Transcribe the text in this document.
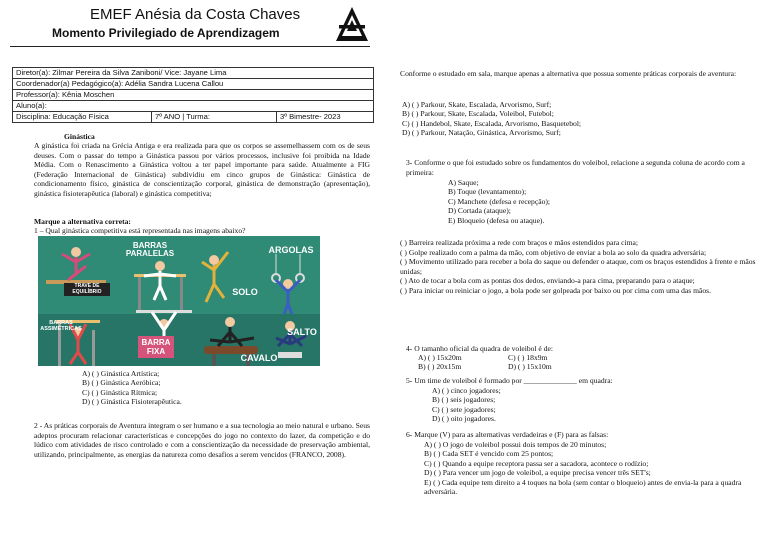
EMEF Anésia da Costa Chaves
Momento Privilegiado de Aprendizagem
Diretor(a): Zilmar Pereira da Silva Zaniboni/ Vice: Jayane Lima
Coordenador(a) Pedagógico(a): Adélia Sandra Lucena Callou
Professor(a): Kênia Moschen
Aluno(a):
Disciplina: Educação Física	7º ANO | Turma:	3º Bimestre- 2023
Ginástica
A ginástica foi criada na Grécia Antiga e era realizada para que os corpos se assemelhassem com os de seus deuses. Com o passar do tempo a Ginástica passou por vários processos, inclusive foi proibida na Idade Média. Com o Renascimento a Ginástica voltou a ter papel importante para saúde. Atualmente a FIG (Federação Internacional de Ginástica) subdividiu em cinco grupos de Ginástica: Ginástica de condicionamento físico, ginástica de conscientização corporal, ginástica de demonstração (apresentação), ginástica fisioterapêutica (laboral) e ginástica competitiva;
Marque a alternativa correta:
1 – Qual ginástica competitiva está representada nas imagens abaixo?
BARRAS PARALELAS	ARGOLAS
TRAVE DE EQUILÍBRIO	SOLO
BARRAS ASSIMÉTRICAS
BARRA FIXA
SALTO
CAVALO
A) ( ) Ginástica Artística;
B) ( ) Ginástica Aeróbica;
C) ( ) Ginástica Rítmica;
D) ( ) Ginástica Fisioterapêutica.
2 - As práticas corporais de Aventura integram o ser humano e a sua tecnologia ao meio natural e urbano. Seus adeptos procuram relacionar características e concepções do jogo no contexto do lazer, da competição e do lúdico com atividades de risco controlado e com a conscientização da necessidade de preservação ambiental, utilizando, principalmente, as energias da natureza como desafios a serem vencidos (FRANCO, 2008).
Conforme o estudado em sala, marque apenas a alternativa que possua somente práticas corporais de aventura:
A) ( ) Parkour, Skate, Escalada, Arvorismo, Surf;
B) ( ) Parkour, Skate, Escalada, Voleibol, Futebol;
C) ( ) Handebol, Skate, Escalada, Arvorismo, Basquetebol;
D) ( ) Parkour, Natação, Ginástica, Arvorismo, Surf;
3- Conforme o que foi estudado sobre os fundamentos do voleibol, relacione a segunda coluna de acordo com a primeira:
A) Saque;
B) Toque (levantamento);
C) Manchete (defesa e recepção);
D) Cortada (ataque);
E) Bloqueio (defesa ou ataque).
( ) Barreira realizada próxima a rede com braços e mãos estendidos para cima;
( ) Golpe realizado com a palma da mão, com objetivo de enviar a bola ao solo da quadra adversária;
( ) Movimento utilizado para receber a bola do saque ou defender o ataque, com os braços estendidos à frente e mãos unidas;
( ) Ato de tocar a bola com as pontas dos dedos, enviando-a para cima, preparando para o ataque;
( ) Para iniciar ou reiniciar o jogo, a bola pode ser golpeada por baixo ou por cima com uma das mãos.
4- O tamanho oficial da quadra de voleibol é de:
A) ( ) 15x20m	C) ( ) 18x9m
B) ( ) 20x15m	D) ( ) 15x10m
5- Um time de voleibol é formado por ______________ em quadra:
A) ( ) cinco jogadores;
B) ( ) seis jogadores;
C) ( ) sete jogadores;
D) ( ) oito jogadores.
6- Marque (V) para as alternativas verdadeiras e (F) para as falsas:
A) ( ) O jogo de voleibol possui dois tempos de 20 minutos;
B) ( ) Cada SET é vencido com 25 pontos;
C) ( ) Quando a equipe receptora passa ser a sacadora, acontece o rodízio;
D) ( ) Para vencer um jogo de voleibol, a equipe precisa vencer três SET's;
E) ( ) Cada equipe tem direito a 4 toques na bola (sem contar o bloqueio) antes de envia-la para a quadra adversária.
